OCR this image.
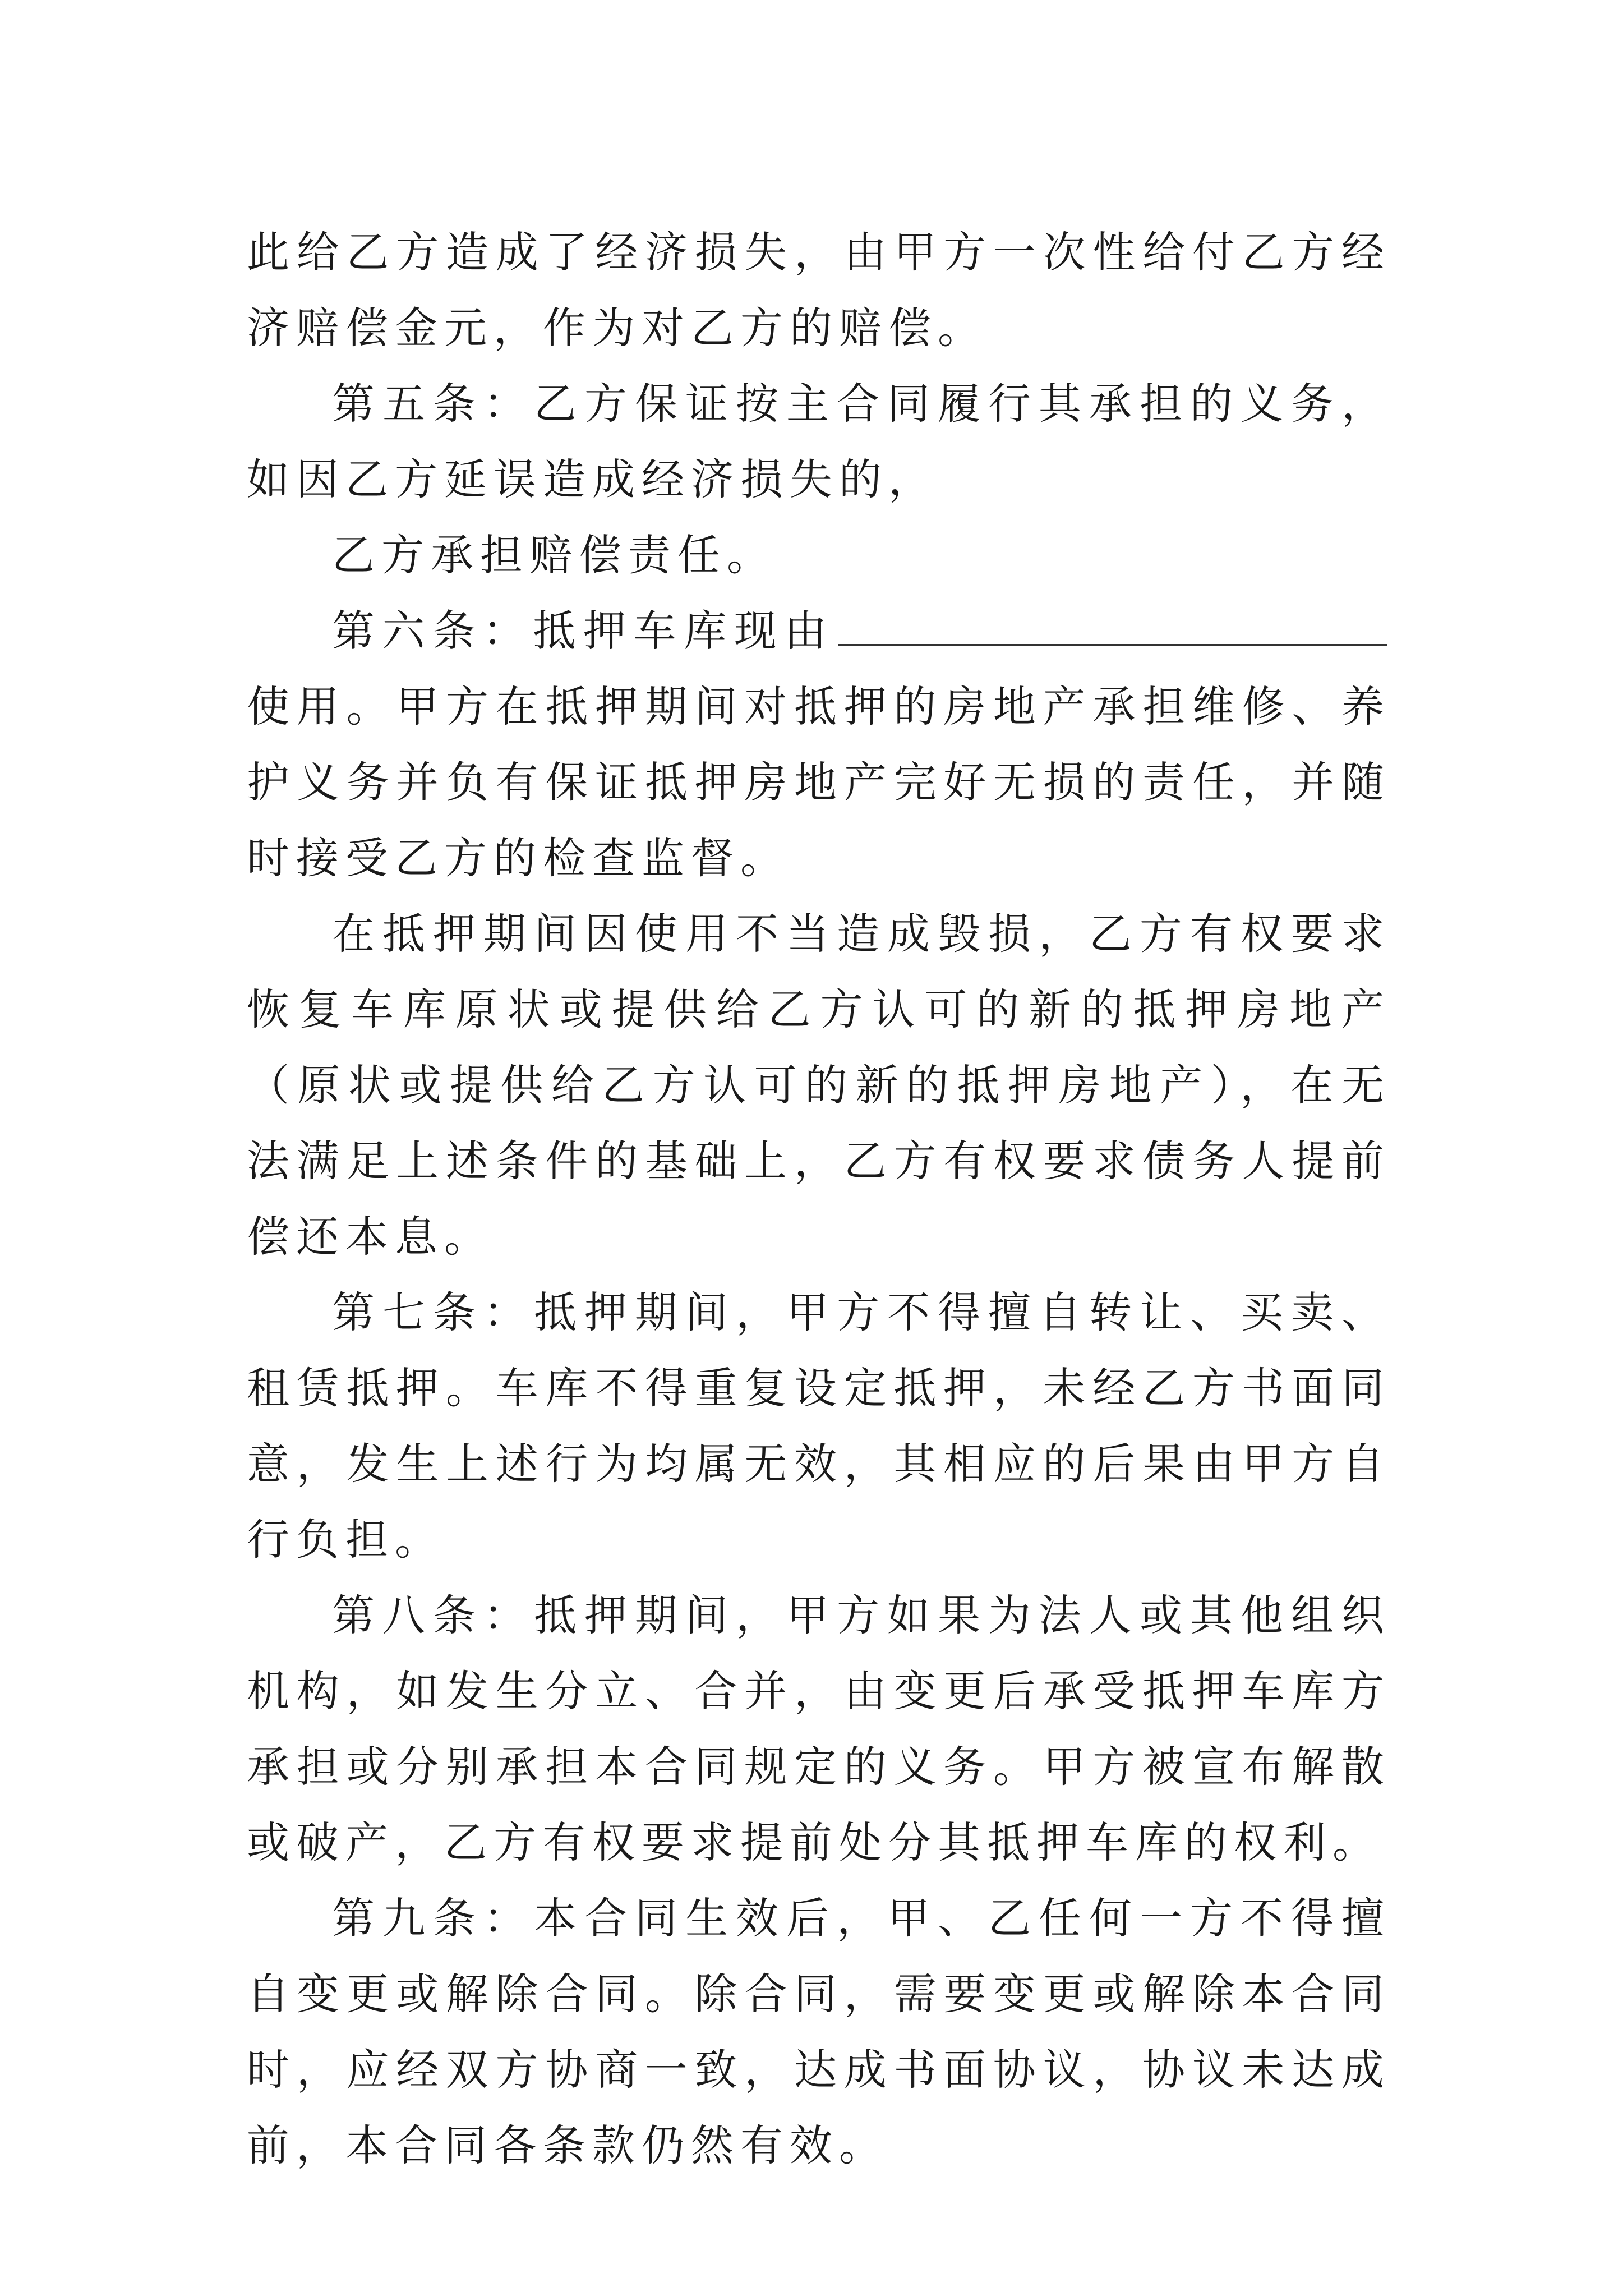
此给乙方造成了经济损失，由甲方一次性给付乙方经济赔偿金元，作为对乙方的赔偿。

第五条：乙方保证按主合同履行其承担的义务，如因乙方延误造成经济损失的，

乙方承担赔偿责任。

第六条：抵押车库现由使用。甲方在抵押期间对抵押的房地产承担维修、养护义务并负有保证抵押房地产完好无损的责任，并随时接受乙方的检查监督。

在抵押期间因使用不当造成毁损，乙方有权要求恢复车库原状或提供给乙方认可的新的抵押房地产（原状或提供给乙方认可的新的抵押房地产），在无法满足上述条件的基础上，乙方有权要求债务人提前偿还本息。

第七条：抵押期间，甲方不得擅自转让、买卖、租赁抵押。车库不得重复设定抵押，未经乙方书面同意，发生上述行为均属无效，其相应的后果由甲方自行负担。

第八条：抵押期间，甲方如果为法人或其他组织机构，如发生分立、合并，由变更后承受抵押车库方承担或分别承担本合同规定的义务。甲方被宣布解散或破产，乙方有权要求提前处分其抵押车库的权利。

第九条：本合同生效后，甲、乙任何一方不得擅自变更或解除合同。除合同，需要变更或解除本合同时，应经双方协商一致，达成书面协议，协议未达成前，本合同各条款仍然有效。
